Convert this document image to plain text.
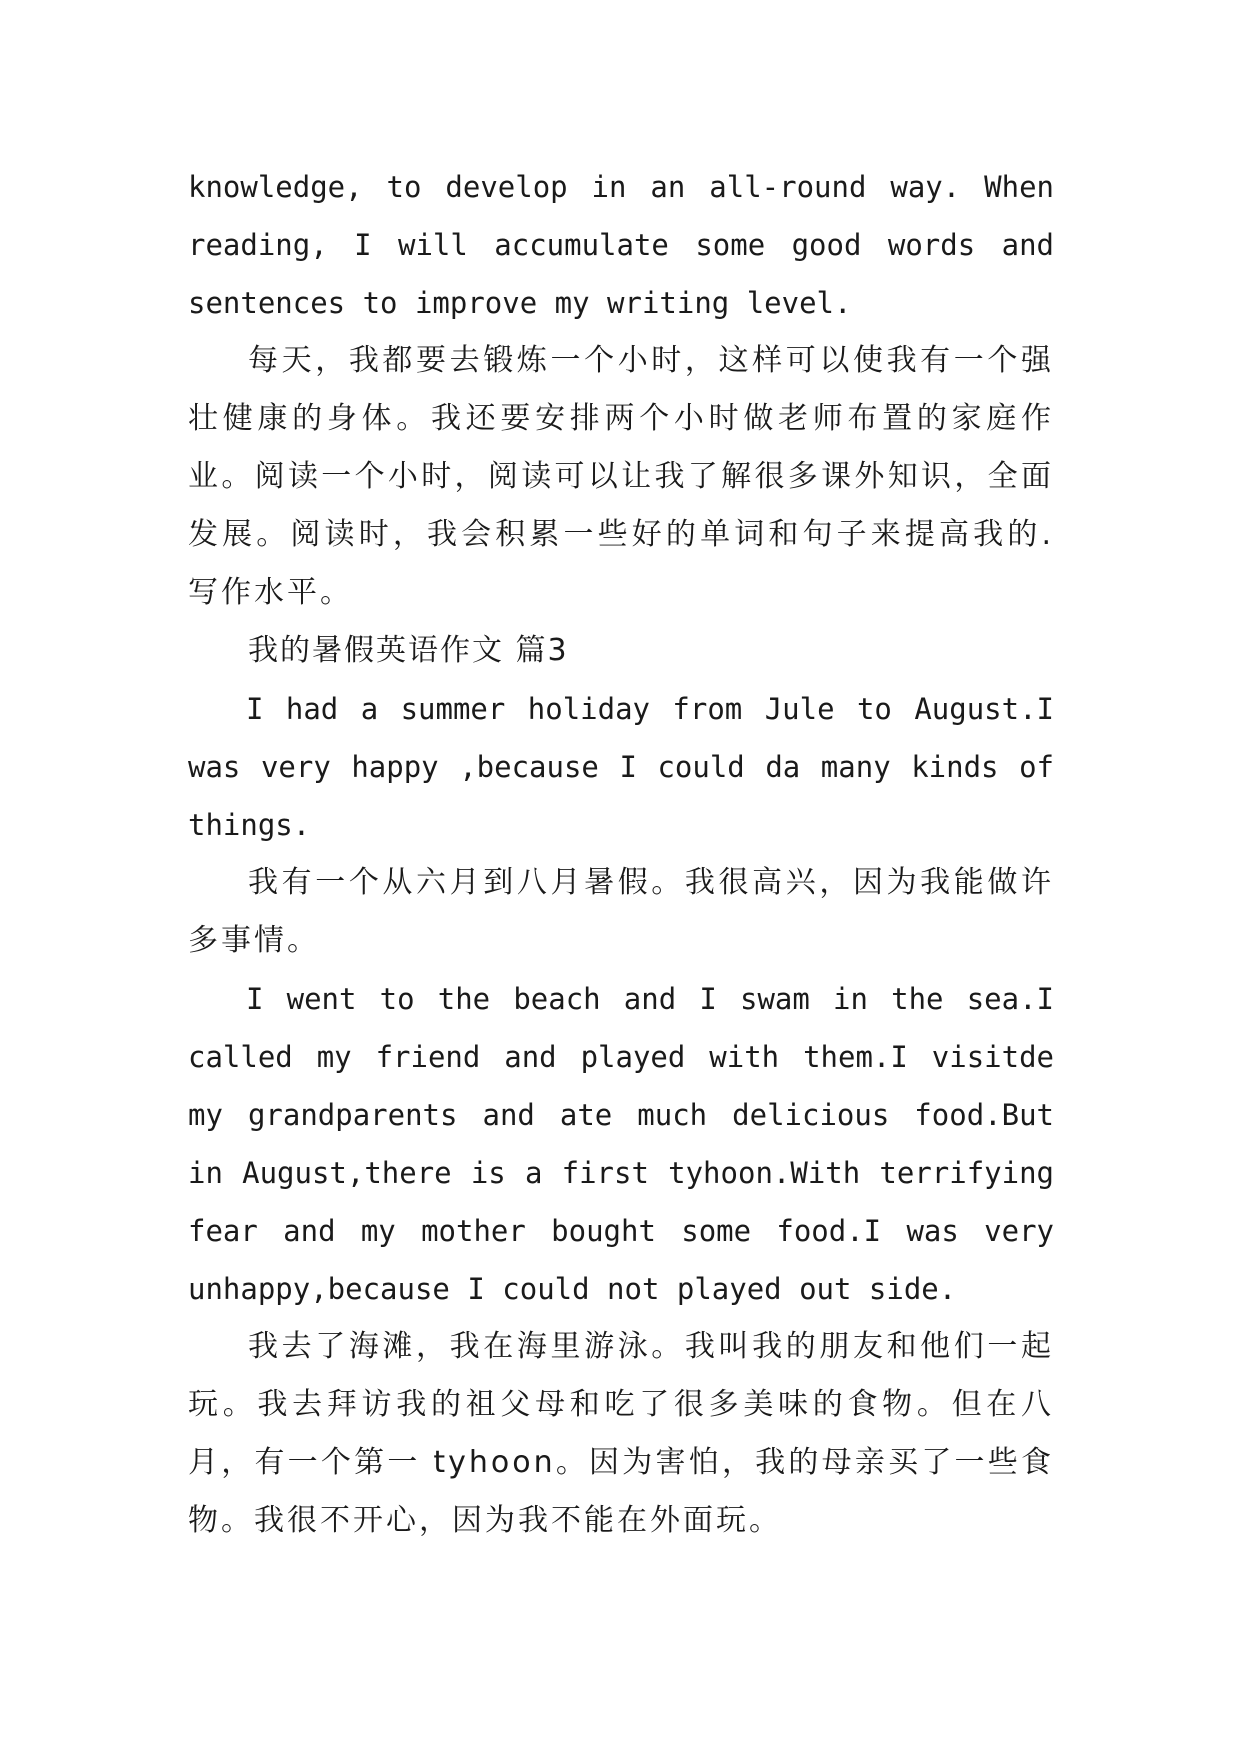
knowledge, to develop in an all-round way. When reading, I will accumulate some good words and sentences to improve my writing level.

每天，我都要去锻炼一个小时，这样可以使我有一个强壮健康的身体。我还要安排两个小时做老师布置的家庭作业。阅读一个小时，阅读可以让我了解很多课外知识，全面发展。阅读时，我会积累一些好的单词和句子来提高我的.写作水平。

我的暑假英语作文 篇3

I had a summer holiday from Jule to August.I was very happy ,because I could da many kinds of things.

我有一个从六月到八月暑假。我很高兴，因为我能做许多事情。

I went to the beach and I swam in the sea.I called my friend and played with them.I visitde my grandparents and ate much delicious food.But in August,there is a first tyhoon.With terrifying fear and my mother bought some food.I was very unhappy,because I could not played out side.

我去了海滩，我在海里游泳。我叫我的朋友和他们一起玩。我去拜访我的祖父母和吃了很多美味的食物。但在八月，有一个第一 tyhoon。因为害怕，我的母亲买了一些食物。我很不开心，因为我不能在外面玩。
